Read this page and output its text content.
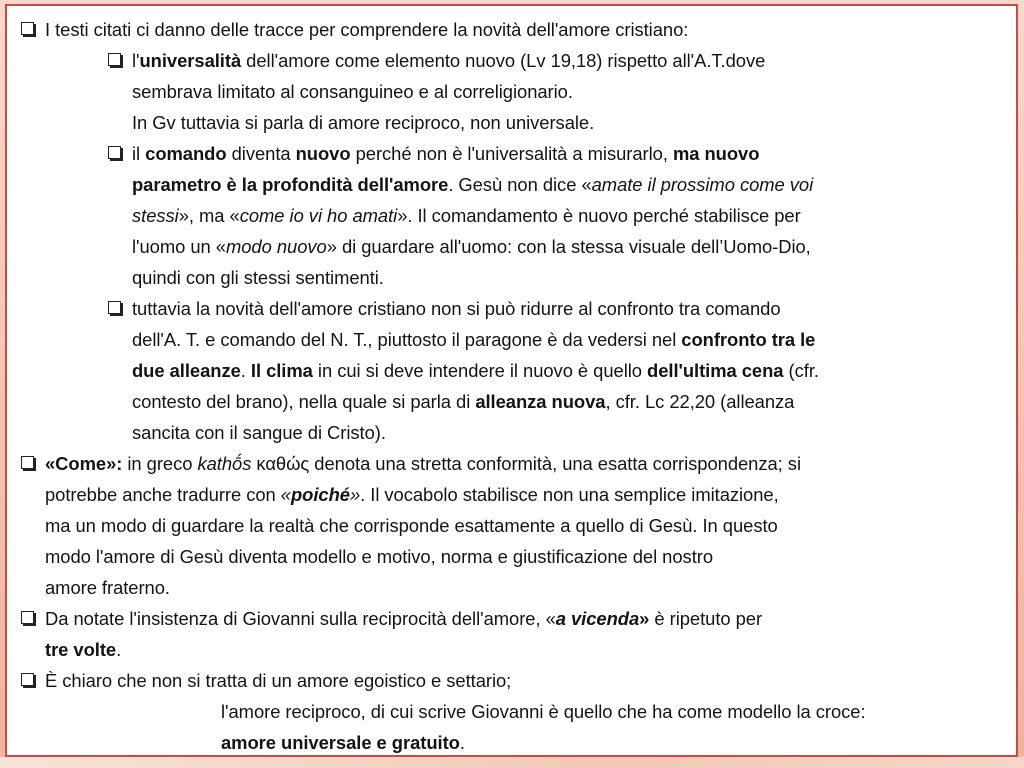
I testi citati ci danno delle tracce per comprendere la novità dell'amore cristiano:
l'universalità dell'amore come elemento nuovo (Lv 19,18) rispetto all'A.T.dove
sembrava limitato al consanguineo e al correligionario.
In Gv tuttavia si parla di amore reciproco, non universale.
il comando diventa nuovo perché non è l'universalità a misurarlo, ma nuovo
parametro è la profondità dell'amore. Gesù non dice «amate il prossimo come voi
stessi», ma «come io vi ho amati». Il comandamento è nuovo perché stabilisce per
l'uomo un «modo nuovo» di guardare all'uomo: con la stessa visuale dell’Uomo-Dio,
quindi con gli stessi sentimenti.
tuttavia la novità dell'amore cristiano non si può ridurre al confronto tra comando
dell'A. T. e comando del N. T., piuttosto il paragone è da vedersi nel confronto tra le
due alleanze. Il clima in cui si deve intendere il nuovo è quello dell'ultima cena (cfr.
contesto del brano), nella quale si parla di alleanza nuova, cfr. Lc 22,20 (alleanza
sancita con il sangue di Cristo).
«Come»: in greco kathṓs καθώς denota una stretta conformità, una esatta corrispondenza; si
potrebbe anche tradurre con «poiché». Il vocabolo stabilisce non una semplice imitazione,
ma un modo di guardare la realtà che corrisponde esattamente a quello di Gesù. In questo
modo l'amore di Gesù diventa modello e motivo, norma e giustificazione del nostro
amore fraterno.
Da notate l'insistenza di Giovanni sulla reciprocità dell'amore, «a vicenda» è ripetuto per
tre volte.
È chiaro che non si tratta di un amore egoistico e settario;
l'amore reciproco, di cui scrive Giovanni è quello che ha come modello la croce:
amore universale e gratuito.
